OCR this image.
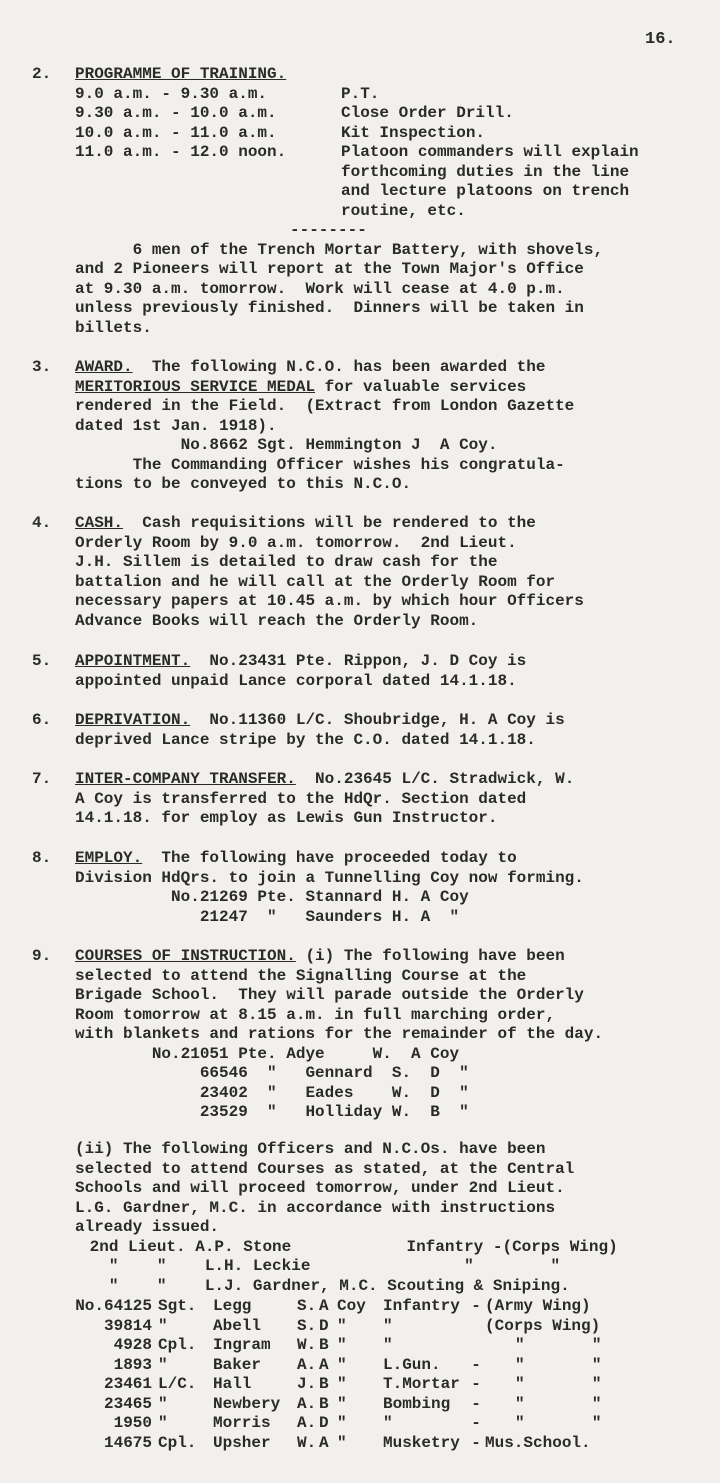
16.
2. PROGRAMME OF TRAINING.
9.0 a.m. - 9.30 a.m.	P.T.
9.30 a.m. - 10.0 a.m.	Close Order Drill.
10.0 a.m. - 11.0 a.m.	Kit Inspection.
11.0 a.m. - 12.0 noon.	Platoon commanders will explain
	forthcoming duties in the line
	and lecture platoons on trench
	routine, etc.
--------
6 men of the Trench Mortar Battery, with shovels,
and 2 Pioneers will report at the Town Major's Office
at 9.30 a.m. tomorrow.  Work will cease at 4.0 p.m.
unless previously finished.  Dinners will be taken in
billets.
3. AWARD.  The following N.C.O. has been awarded the
MERITORIOUS SERVICE MEDAL for valuable services
rendered in the Field.  (Extract from London Gazette
dated 1st Jan. 1918).
No.8662 Sgt. Hemmington J  A Coy.
The Commanding Officer wishes his congratula-
tions to be conveyed to this N.C.O.
4. CASH.  Cash requisitions will be rendered to the
Orderly Room by 9.0 a.m. tomorrow.  2nd Lieut.
J.H. Sillem is detailed to draw cash for the
battalion and he will call at the Orderly Room for
necessary papers at 10.45 a.m. by which hour Officers
Advance Books will reach the Orderly Room.
5. APPOINTMENT.  No.23431 Pte. Rippon, J. D Coy is
appointed unpaid Lance corporal dated 14.1.18.
6. DEPRIVATION.  No.11360 L/C. Shoubridge, H. A Coy is
deprived Lance stripe by the C.O. dated 14.1.18.
7. INTER-COMPANY TRANSFER.  No.23645 L/C. Stradwick, W.
A Coy is transferred to the HdQr. Section dated
14.1.18. for employ as Lewis Gun Instructor.
8. EMPLOY.  The following have proceeded today to
Division HdQrs. to join a Tunnelling Coy now forming.
No.21269 Pte. Stannard H. A Coy
21247  "   Saunders H. A  "
9. COURSES OF INSTRUCTION. (i) The following have been
selected to attend the Signalling Course at the
Brigade School.  They will parade outside the Orderly
Room tomorrow at 8.15 a.m. in full marching order,
with blankets and rations for the remainder of the day.
No.21051 Pte. Adye     W.  A Coy
66546  "   Gennard  S.  D  "
23402  "   Eades    W.  D  "
23529  "   Holliday W.  B  "
(ii) The following Officers and N.C.Os. have been
selected to attend Courses as stated, at the Central
Schools and will proceed tomorrow, under 2nd Lieut.
L.G. Gardner, M.C. in accordance with instructions
already issued.
2nd Lieut. A.P. Stone            Infantry -(Corps Wing)
"    "    L.H. Leckie                "        "
"    "    L.J. Gardner, M.C. Scouting & Sniping.
No.64125	Sgt.	Legg	S.	A	Coy	Infantry	-	(Army Wing)
39814	"	Abell	S.	D	"	"		(Corps Wing)
4928	Cpl.	Ingram	W.	B	"	"		"       "
1893	"	Baker	A.	A	"	L.Gun.	-	"       "
23461	L/C.	Hall	J.	B	"	T.Mortar	-	"       "
23465	"	Newbery	A.	B	"	Bombing	-	"       "
1950	"	Morris	A.	D	"	"	-	"       "
14675	Cpl.	Upsher	W.	A	"	Musketry	-	Mus.School.
